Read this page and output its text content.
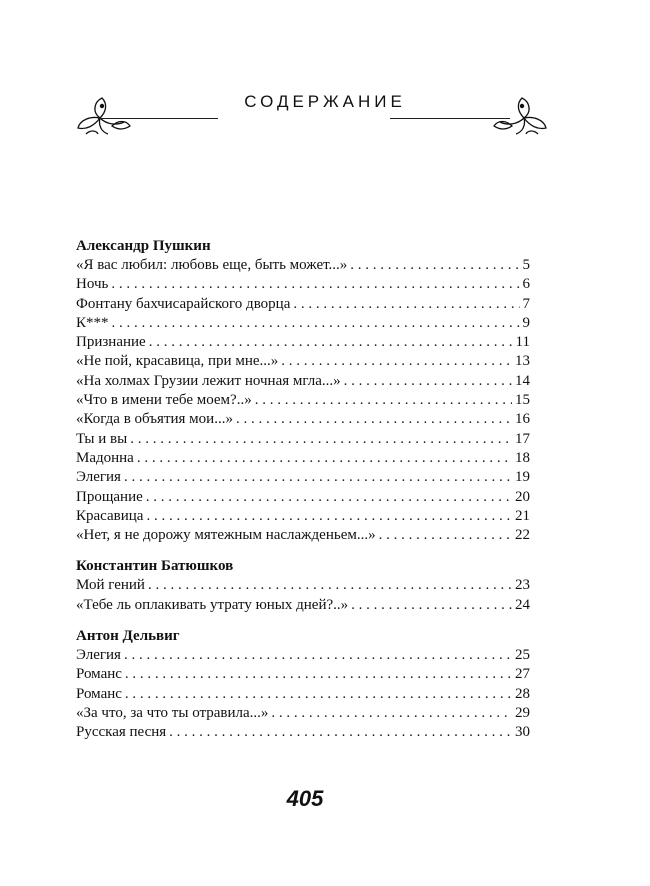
СОДЕРЖАНИЕ
Александр Пушкин
«Я вас любил: любовь еще, быть может...» . . .	5
Ночь . . .	6
Фонтану бахчисарайского дворца . . .	7
К*** . . .	9
Признание . . .	11
«Не пой, красавица, при мне...» . . .	13
«На холмах Грузии лежит ночная мгла...» . . .	14
«Что в имени тебе моем?..» . . .	15
«Когда в объятия мои...» . . .	16
Ты и вы . . .	17
Мадонна . . .	18
Элегия . . .	19
Прощание . . .	20
Красавица . . .	21
«Нет, я не дорожу мятежным наслажденьем...» . . .	22
Константин Батюшков
Мой гений . . .	23
«Тебе ль оплакивать утрату юных дней?..» . . .	24
Антон Дельвиг
Элегия . . .	25
Романс . . .	27
Романс . . .	28
«За что, за что ты отравила...» . . .	29
Русская песня . . .	30
405
